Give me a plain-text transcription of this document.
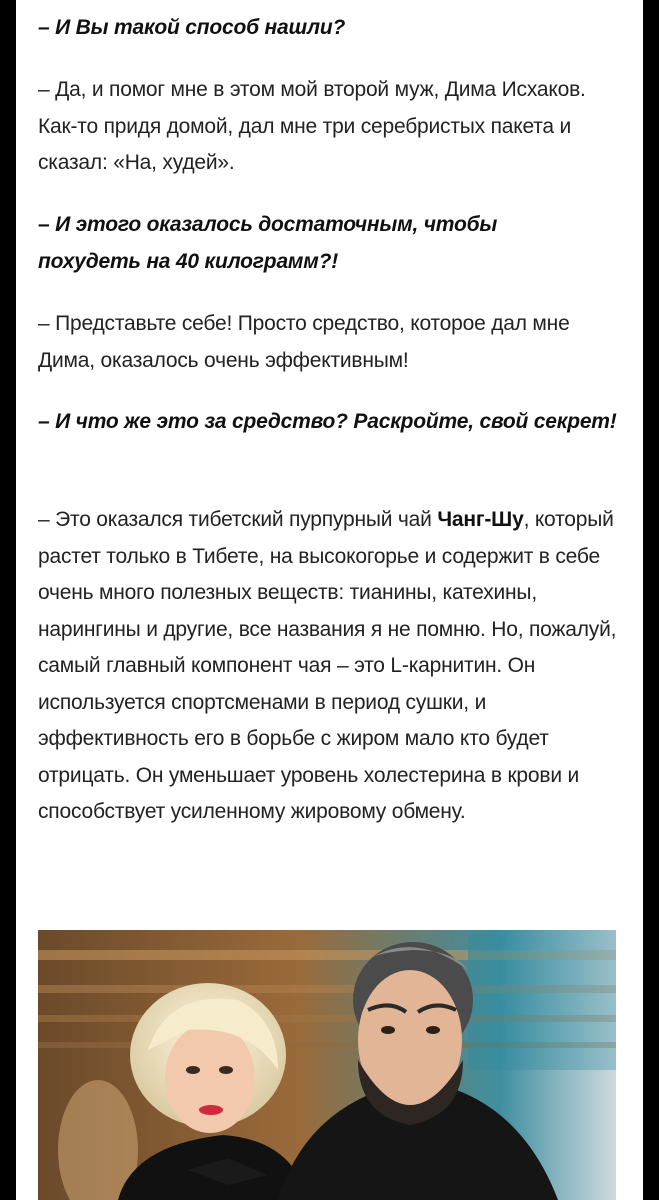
– И Вы такой способ нашли?

– Да, и помог мне в этом мой второй муж, Дима Исхаков. Как-то придя домой, дал мне три серебристых пакета и сказал: «На, худей».

– И этого оказалось достаточным, чтобы похудеть на 40 килограмм?!

– Представьте себе! Просто средство, которое дал мне Дима, оказалось очень эффективным!

– И что же это за средство? Раскройте, свой секрет!

– Это оказался тибетский пурпурный чай Чанг-Шу, который растет только в Тибете, на высокогорье и содержит в себе очень много полезных веществ: тианины, катехины, нарингины и другие, все названия я не помню. Но, пожалуй, самый главный компонент чая – это L-карнитин. Он используется спортсменами в период сушки, и эффективность его в борьбе с жиром мало кто будет отрицать. Он уменьшает уровень холестерина в крови и способствует усиленному жировому обмену.
